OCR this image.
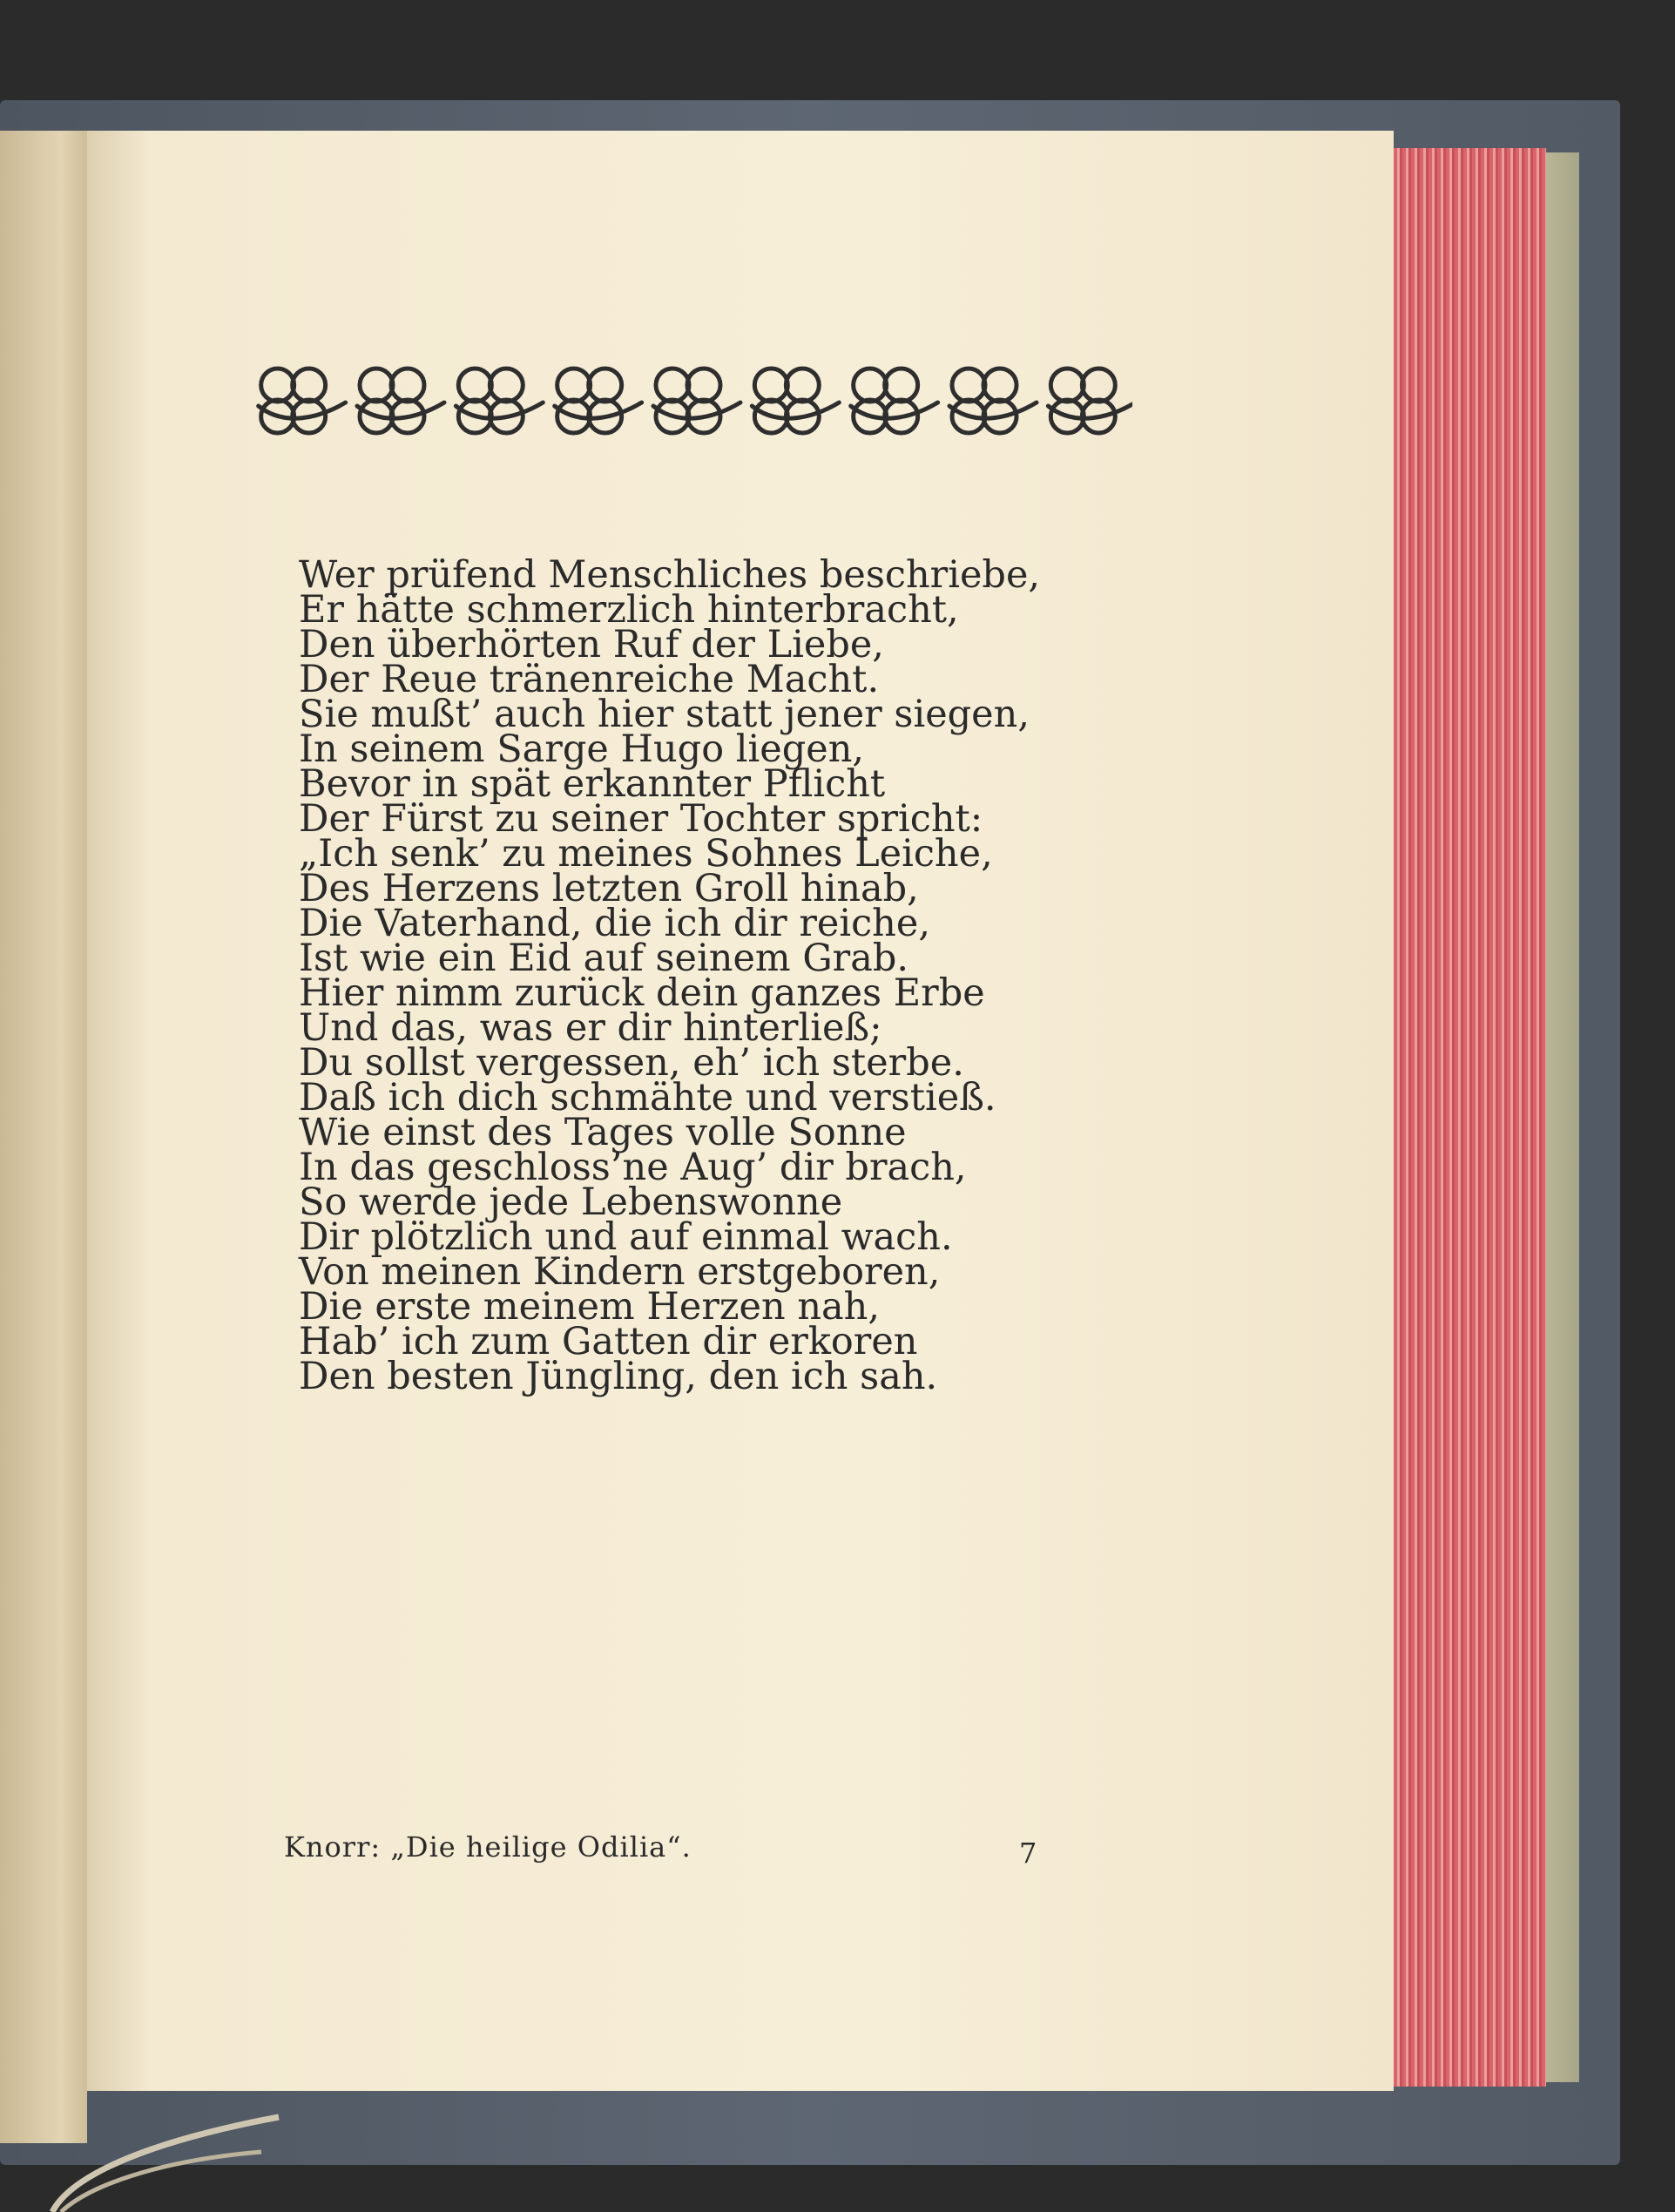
Wer prüfend Menschliches beschriebe,
Er hätte schmerzlich hinterbracht,
Den überhörten Ruf der Liebe,
Der Reue tränenreiche Macht.
Sie mußt’ auch hier statt jener siegen,
In seinem Sarge Hugo liegen,
Bevor in spät erkannter Pflicht
Der Fürst zu seiner Tochter spricht:
„Ich senk’ zu meines Sohnes Leiche,
Des Herzens letzten Groll hinab,
Die Vaterhand, die ich dir reiche,
Ist wie ein Eid auf seinem Grab.
Hier nimm zurück dein ganzes Erbe
Und das, was er dir hinterließ;
Du sollst vergessen, eh’ ich sterbe.
Daß ich dich schmähte und verstieß.
Wie einst des Tages volle Sonne
In das geschloss’ne Aug’ dir brach,
So werde jede Lebenswonne
Dir plötzlich und auf einmal wach.
Von meinen Kindern erstgeboren,
Die erste meinem Herzen nah,
Hab’ ich zum Gatten dir erkoren
Den besten Jüngling, den ich sah.
Knorr: „Die heilige Odilia“.	7
